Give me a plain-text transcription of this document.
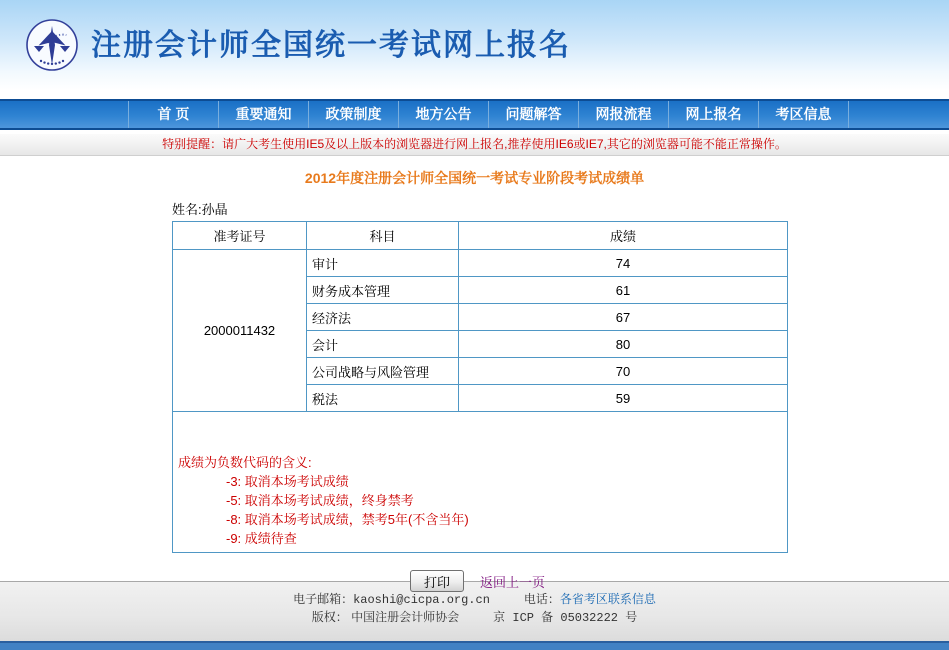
注册会计师全国统一考试网上报名
首 页	重要通知	政策制度	地方公告	问题解答	网报流程	网上报名	考区信息
特别提醒：请广大考生使用IE5及以上版本的浏览器进行网上报名,推荐使用IE6或IE7,其它的浏览器可能不能正常操作。
2012年度注册会计师全国统一考试专业阶段考试成绩单
姓名:孙晶
准考证号	科目	成绩
2000011432	审计	74
	财务成本管理	61
	经济法	67
	会计	80
	公司战略与风险管理	70
	税法	59

成绩为负数代码的含义:
-3: 取消本场考试成绩
-5: 取消本场考试成绩，终身禁考
-8: 取消本场考试成绩，禁考5年(不含当年)
-9: 成绩待查		
打印	返回上一页
电子邮箱：kaoshi@cicpa.org.cn	电话：各省考区联系信息
版权： 中国注册会计师协会	京 ICP 备 05032222 号
